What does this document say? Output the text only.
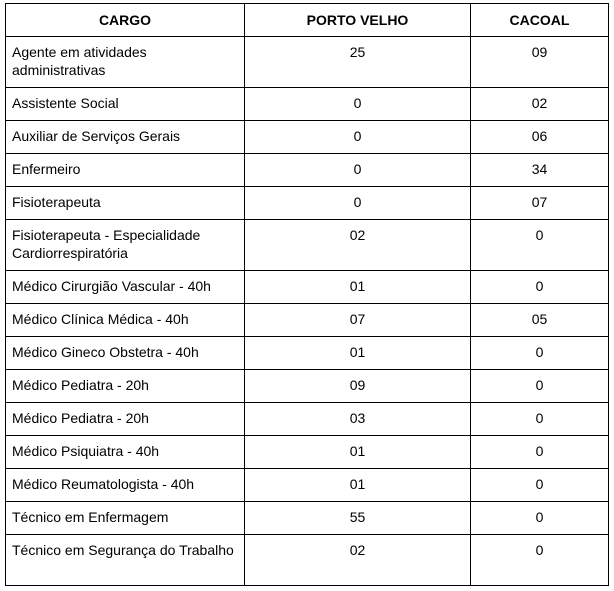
CARGO	PORTO VELHO	CACOAL
Agente em atividades administrativas	25	09
Assistente Social	0	02
Auxiliar de Serviços Gerais	0	06
Enfermeiro	0	34
Fisioterapeuta	0	07
Fisioterapeuta - Especialidade Cardiorrespiratória	02	0
Médico Cirurgião Vascular - 40h	01	0
Médico Clínica Médica - 40h	07	05
Médico Gineco Obstetra - 40h	01	0
Médico Pediatra - 20h	09	0
Médico Pediatra - 20h	03	0
Médico Psiquiatra - 40h	01	0
Médico Reumatologista - 40h	01	0
Técnico em Enfermagem	55	0
Técnico em Segurança do Trabalho	02	0
